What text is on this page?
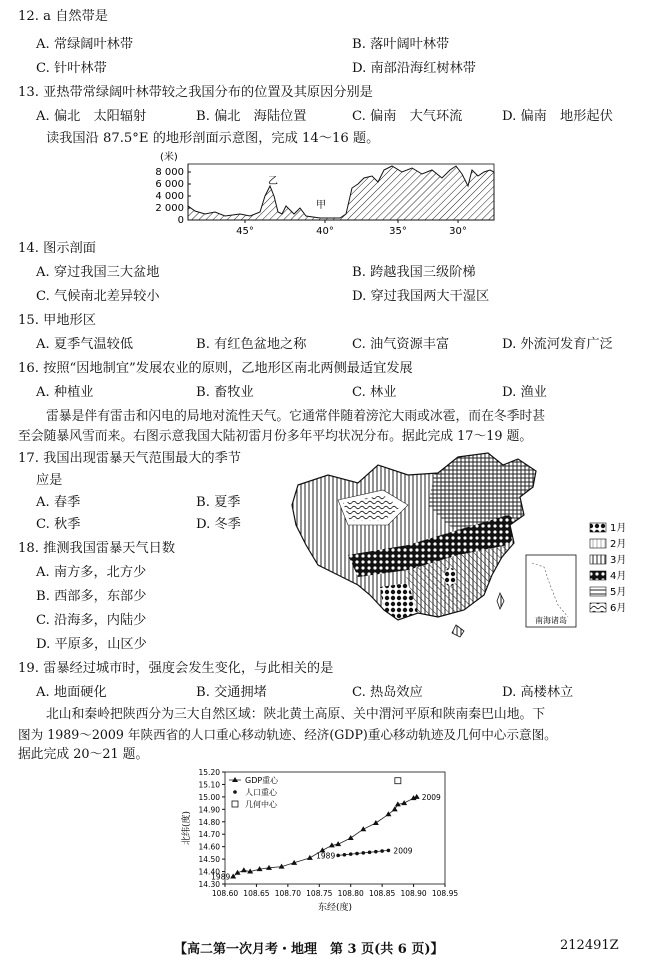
12. a 自然带是
A. 常绿阔叶林带	B. 落叶阔叶林带
C. 针叶林带	D. 南部沿海红树林带
13. 亚热带常绿阔叶林带较之我国分布的位置及其原因分别是
A. 偏北　太阳辐射	B. 偏北　海陆位置	C. 偏南　大气环流	D. 偏南　地形起伏
读我国沿 87.5°E 的地形剖面示意图，完成 14～16 题。
(米)
8 000
6 000
4 000
2 000
0
乙
甲
45°	40°	35°	30°
14. 图示剖面
A. 穿过我国三大盆地	B. 跨越我国三级阶梯
C. 气候南北差异较小	D. 穿过我国两大干湿区
15. 甲地形区
A. 夏季气温较低	B. 有红色盆地之称	C. 油气资源丰富	D. 外流河发育广泛
16. 按照“因地制宜”发展农业的原则，乙地形区南北两侧最适宜发展
A. 种植业	B. 畜牧业	C. 林业	D. 渔业
雷暴是伴有雷击和闪电的局地对流性天气。它通常伴随着滂沱大雨或冰雹，而在冬季时甚
至会随暴风雪而来。右图示意我国大陆初雷月份多年平均状况分布。据此完成 17～19 题。
17. 我国出现雷暴天气范围最大的季节
应是
A. 春季	B. 夏季
C. 秋季	D. 冬季
18. 推测我国雷暴天气日数
A. 南方多，北方少
B. 西部多，东部少
C. 沿海多，内陆少
D. 平原多，山区少
南海诸岛
1月
2月
3月
4月
5月
6月
19. 雷暴经过城市时，强度会发生变化，与此相关的是
A. 地面硬化	B. 交通拥堵	C. 热岛效应	D. 高楼林立
北山和秦岭把陕西分为三大自然区域：陕北黄土高原、关中渭河平原和陕南秦巴山地。下
图为 1989～2009 年陕西省的人口重心移动轨迹、经济(GDP)重心移动轨迹及几何中心示意图。
据此完成 20～21 题。
108.60 108.65 108.70 108.75 108.80 108.85 108.90 108.95
15.20
15.10
15.00
14.90
14.80
14.70
14.60
14.50
14.40
14.30
东经(度)
北纬(度)
1989
2009
1989
2009
GDP重心
人口重心
几何中心
【高二第一次月考・地理　第 3 页(共 6 页)】	212491Z
